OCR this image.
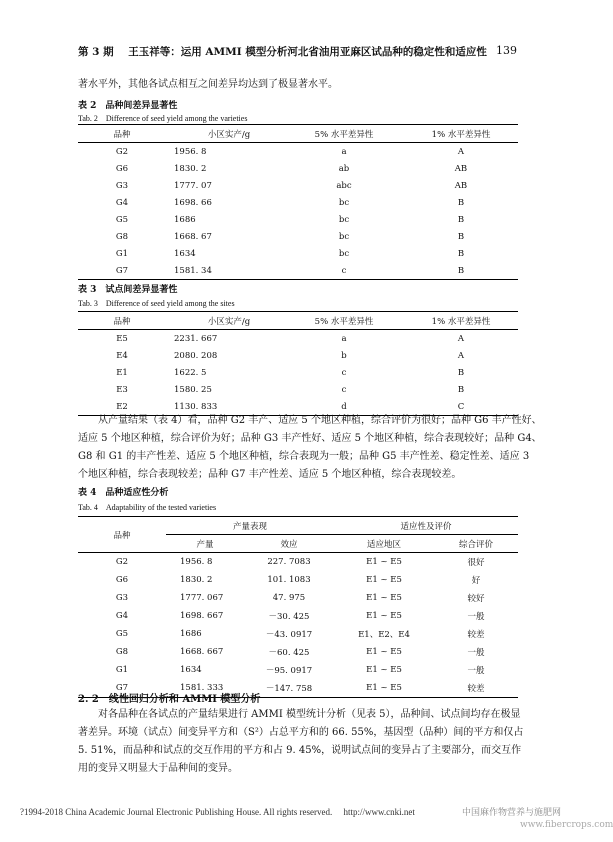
第 3 期 王玉祥等：运用 AMMI 模型分析河北省油用亚麻区试品种的稳定性和适应性 139
著水平外，其他各试点相互之间差异均达到了极显著水平。
表 2　品种间差异显著性
Tab. 2　Difference of seed yield among the varieties
品种	小区实产/g	5% 水平差异性	1% 水平差异性
G2	1956. 8	a	A
G6	1830. 2	ab	AB
G3	1777. 07	abc	AB
G4	1698. 66	bc	B
G5	1686	bc	B
G8	1668. 67	bc	B
G1	1634	bc	B
G7	1581. 34	c	B
表 3　试点间差异显著性
Tab. 3　Difference of seed yield among the sites
品种	小区实产/g	5% 水平差异性	1% 水平差异性
E5	2231. 667	a	A
E4	2080. 208	b	A
E1	1622. 5	c	B
E3	1580. 25	c	B
E2	1130. 833	d	C
　　从产量结果（表 4）看，品种 G2 丰产、适应 5 个地区种植，综合评价为很好；品种 G6 丰产性好、
适应 5 个地区种植，综合评价为好；品种 G3 丰产性好、适应 5 个地区种植，综合表现较好；品种 G4、
G8 和 G1 的丰产性差、适应 5 个地区种植，综合表现为一般；品种 G5 丰产性差、稳定性差、适应 3
个地区种植，综合表现较差；品种 G7 丰产性差、适应 5 个地区种植，综合表现较差。
表 4　品种适应性分析
Tab. 4　Adaptability of the tested varieties
品种	产量表现		适应性及评价	
	产量	效应	适应地区	综合评价
G2	1956. 8	227. 7083	E1 ~ E5	很好
G6	1830. 2	101. 1083	E1 ~ E5	好
G3	1777. 067	47. 975	E1 ~ E5	较好
G4	1698. 667	－30. 425	E1 ~ E5	一般
G5	1686	－43. 0917	E1、E2、E4	较差
G8	1668. 667	－60. 425	E1 ~ E5	一般
G1	1634	－95. 0917	E1 ~ E5	一般
G7	1581. 333	－147. 758	E1 ~ E5	较差
2. 2　线性回归分析和 AMMI 模型分析
　　对各品种在各试点的产量结果进行 AMMI 模型统计分析（见表 5），品种间、试点间均存在极显
著差异。环境（试点）间变异平方和（S²）占总平方和的 66. 55%，基因型（品种）间的平方和仅占
5. 51%，而品种和试点的交互作用的平方和占 9. 45%，说明试点间的变异占了主要部分，而交互作
用的变异又明显大于品种间的变异。
?1994-2018 China Academic Journal Electronic Publishing House. All rights reserved.　 http://www.cnki.net	中国麻作物营养与施肥网
www.fibercrops.com
